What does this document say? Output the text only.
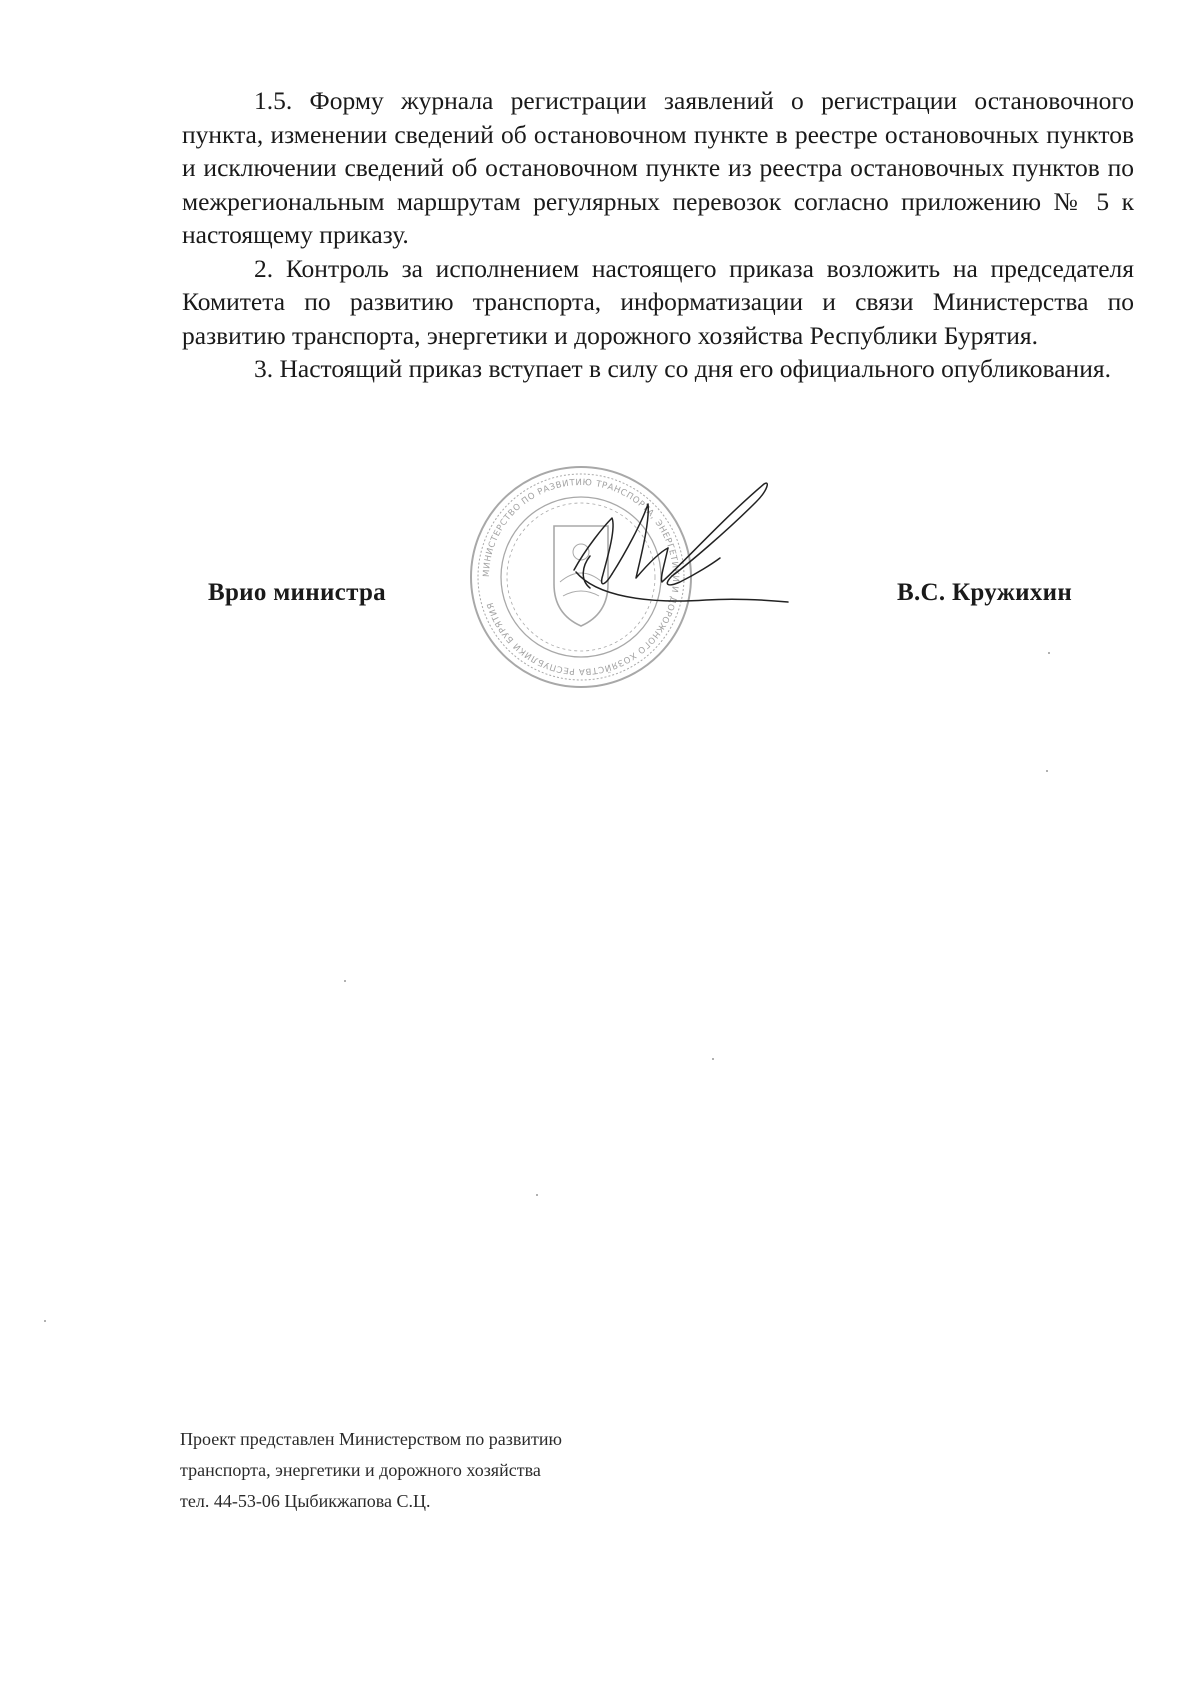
1.5. Форму журнала регистрации заявлений о регистрации остановочного пункта, изменении сведений об остановочном пункте в реестре остановочных пунктов и исключении сведений об остановочном пункте из реестра остановочных пунктов по межрегиональным маршрутам регулярных перевозок согласно приложению № 5 к настоящему приказу.

2. Контроль за исполнением настоящего приказа возложить на председателя Комитета по развитию транспорта, информатизации и связи Министерства по развитию транспорта, энергетики и дорожного хозяйства Республики Бурятия.

3. Настоящий приказ вступает в силу со дня его официального опубликования.

МИНИСТЕРСТВО ПО РАЗВИТИЮ ТРАНСПОРТА, ЭНЕРГЕТИКИ И ДОРОЖНОГО ХОЗЯЙСТВА РЕСПУБЛИКИ БУРЯТИЯ
Врио министра	В.С. Кружихин
Проект представлен Министерством по развитию
транспорта, энергетики и дорожного хозяйства
тел. 44-53-06 Цыбикжапова С.Ц.
